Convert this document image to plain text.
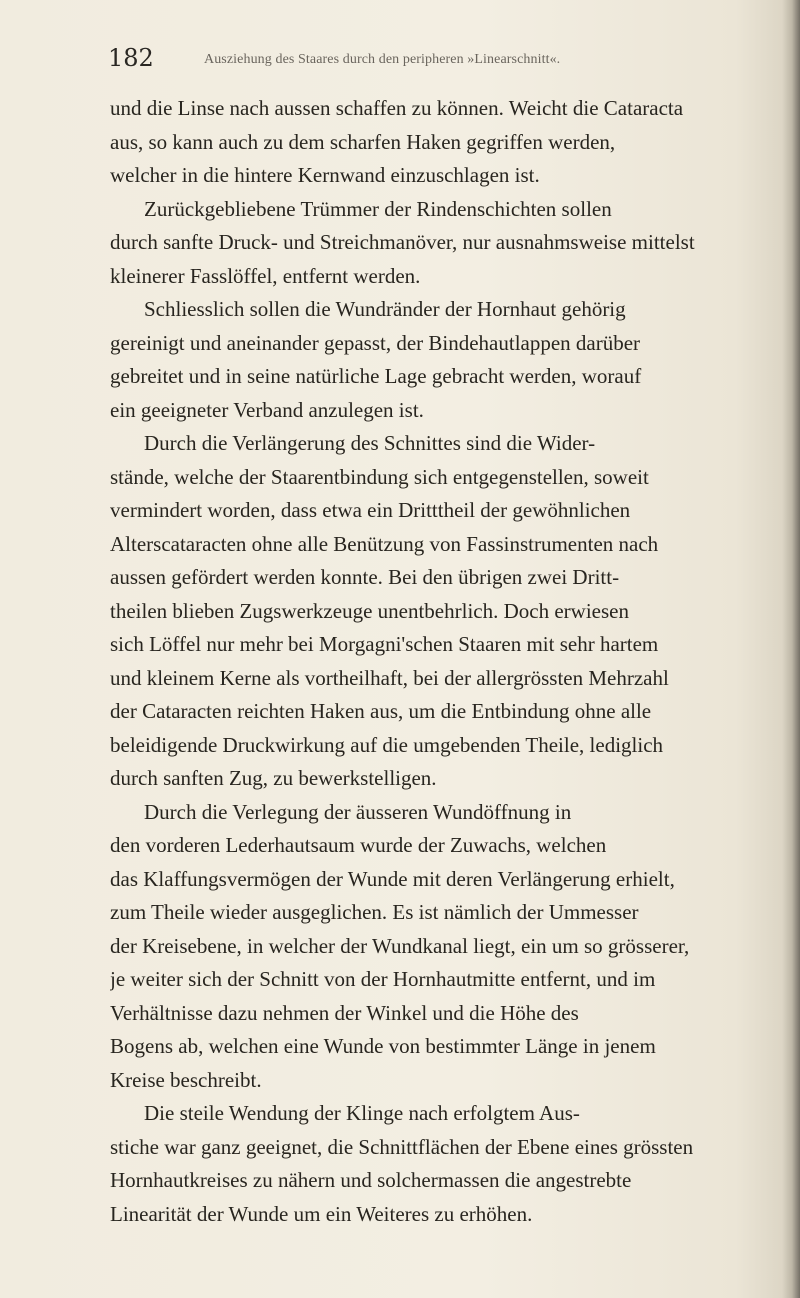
182	Ausziehung des Staares durch den peripheren »Linearschnitt«.
und die Linse nach aussen schaffen zu können. Weicht die Cataracta
aus, so kann auch zu dem scharfen Haken gegriffen werden,
welcher in die hintere Kernwand einzuschlagen ist.
Zurückgebliebene Trümmer der Rindenschichten sollen
durch sanfte Druck- und Streichmanöver, nur ausnahmsweise mittelst
kleinerer Fasslöffel, entfernt werden.
Schliesslich sollen die Wundränder der Hornhaut gehörig
gereinigt und aneinander gepasst, der Bindehautlappen darüber
gebreitet und in seine natürliche Lage gebracht werden, worauf
ein geeigneter Verband anzulegen ist.
Durch die Verlängerung des Schnittes sind die Wider-
stände, welche der Staarentbindung sich entgegenstellen, soweit
vermindert worden, dass etwa ein Dritttheil der gewöhnlichen
Alterscataracten ohne alle Benützung von Fassinstrumenten nach
aussen gefördert werden konnte. Bei den übrigen zwei Dritt-
theilen blieben Zugswerkzeuge unentbehrlich. Doch erwiesen
sich Löffel nur mehr bei Morgagni'schen Staaren mit sehr hartem
und kleinem Kerne als vortheilhaft, bei der allergrössten Mehrzahl
der Cataracten reichten Haken aus, um die Entbindung ohne alle
beleidigende Druckwirkung auf die umgebenden Theile, lediglich
durch sanften Zug, zu bewerkstelligen.
Durch die Verlegung der äusseren Wundöffnung in
den vorderen Lederhautsaum wurde der Zuwachs, welchen
das Klaffungsvermögen der Wunde mit deren Verlängerung erhielt,
zum Theile wieder ausgeglichen. Es ist nämlich der Ummesser
der Kreisebene, in welcher der Wundkanal liegt, ein um so grösserer,
je weiter sich der Schnitt von der Hornhautmitte entfernt, und im
Verhältnisse dazu nehmen der Winkel und die Höhe des
Bogens ab, welchen eine Wunde von bestimmter Länge in jenem
Kreise beschreibt.
Die steile Wendung der Klinge nach erfolgtem Aus-
stiche war ganz geeignet, die Schnittflächen der Ebene eines grössten
Hornhautkreises zu nähern und solchermassen die angestrebte
Linearität der Wunde um ein Weiteres zu erhöhen.
